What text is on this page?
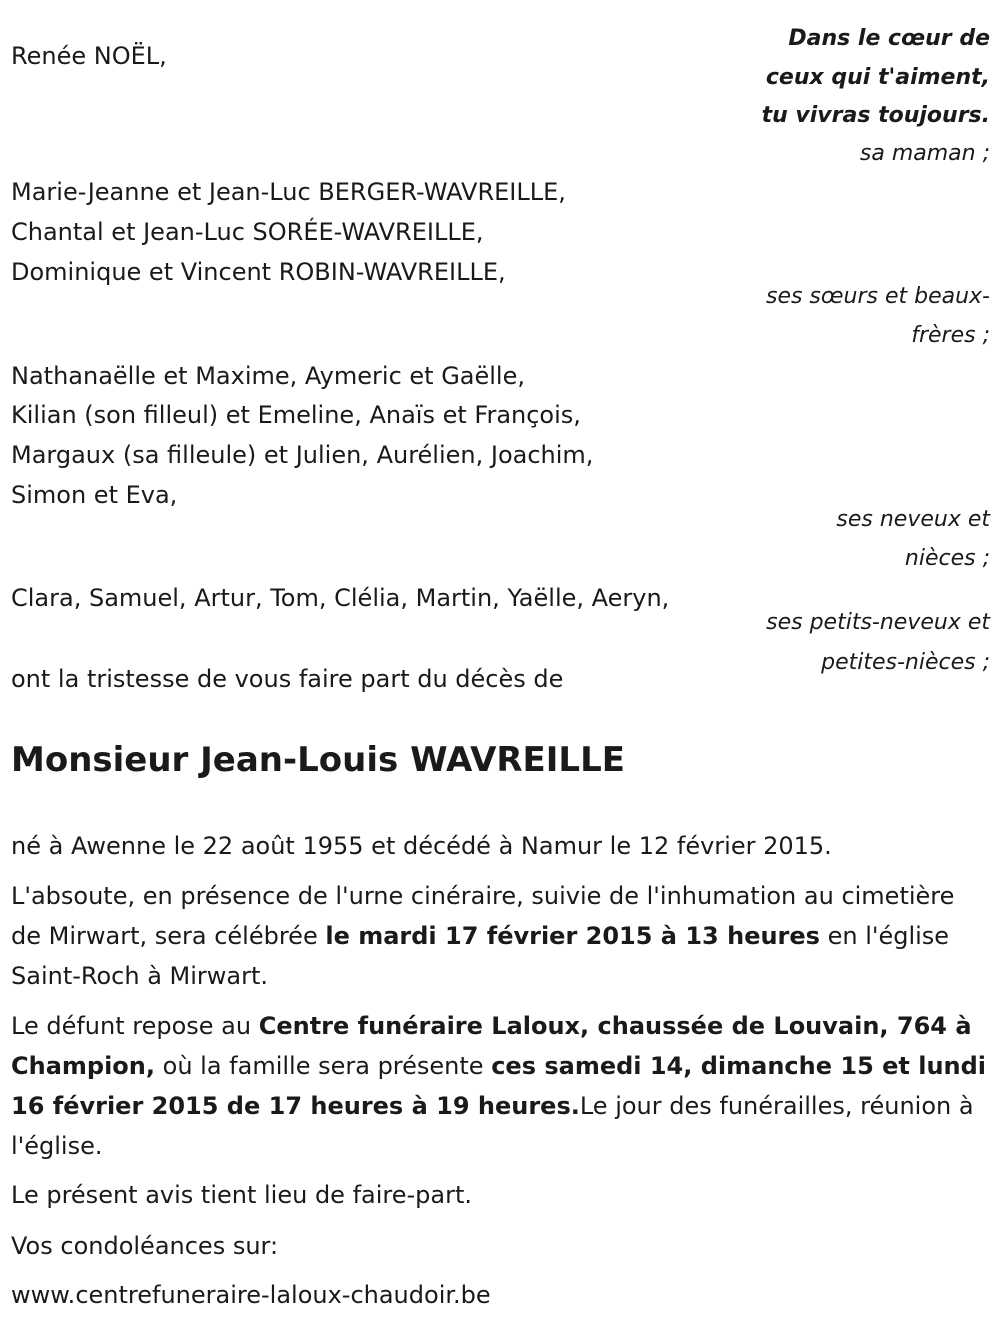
Dans le cœur de
ceux qui t'aiment,
tu vivras toujours.
Renée NOËL,
sa maman ;
Marie-Jeanne et Jean-Luc BERGER-WAVREILLE,
Chantal et Jean-Luc SORÉE-WAVREILLE,
Dominique et Vincent ROBIN-WAVREILLE,
ses sœurs et beaux-
frères ;
Nathanaëlle et Maxime, Aymeric et Gaëlle,
Kilian (son filleul) et Emeline, Anaïs et François,
Margaux (sa filleule) et Julien, Aurélien, Joachim,
Simon et Eva,
ses neveux et
nièces ;
Clara, Samuel, Artur, Tom, Clélia, Martin, Yaëlle, Aeryn,
ses petits-neveux et
petites-nièces ;
ont la tristesse de vous faire part du décès de
Monsieur Jean-Louis WAVREILLE
né à Awenne le 22 août 1955 et décédé à Namur le 12 février 2015.
L'absoute, en présence de l'urne cinéraire, suivie de l'inhumation au cimetière de Mirwart, sera célébrée le mardi 17 février 2015 à 13 heures en l'église Saint-Roch à Mirwart.
Le défunt repose au Centre funéraire Laloux, chaussée de Louvain, 764 à Champion, où la famille sera présente ces samedi 14, dimanche 15 et lundi 16 février 2015 de 17 heures à 19 heures.Le jour des funérailles, réunion à l'église.
Le présent avis tient lieu de faire-part.
Vos condoléances sur:
www.centrefuneraire-laloux-chaudoir.be
